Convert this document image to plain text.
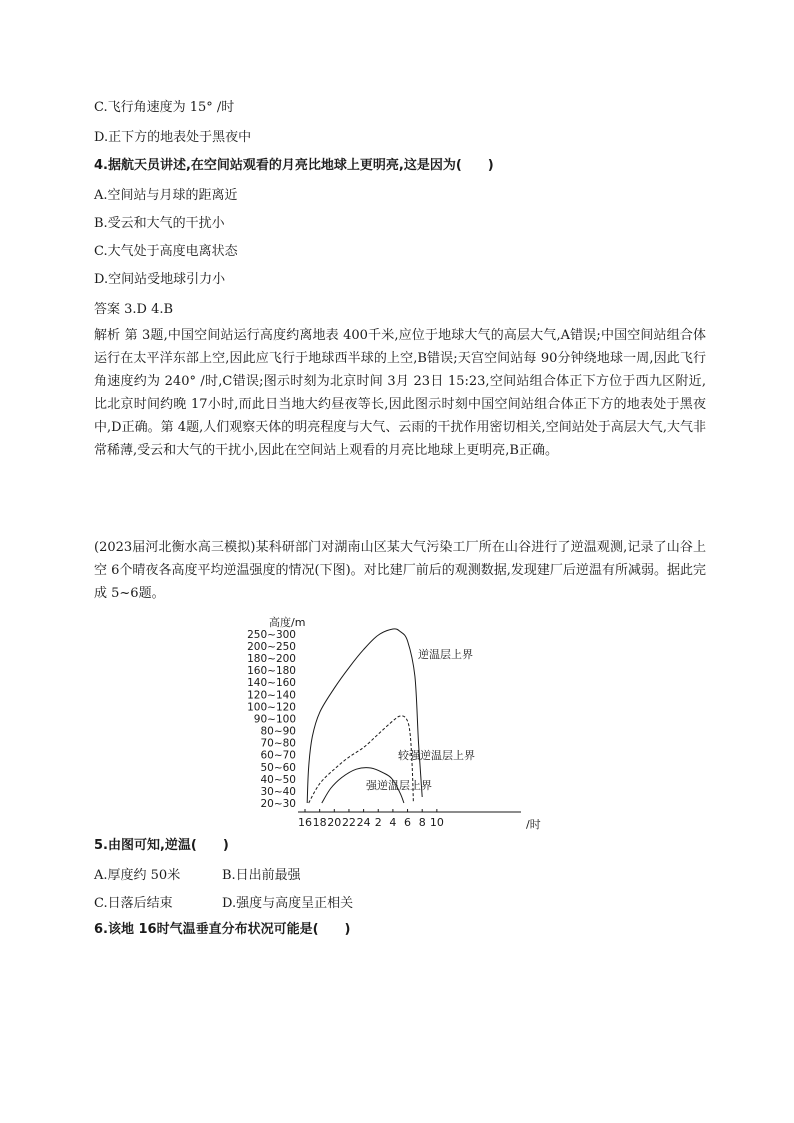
C.飞行角速度为 15° /时
D.正下方的地表处于黑夜中
4.据航天员讲述,在空间站观看的月亮比地球上更明亮,这是因为(　　)
A.空间站与月球的距离近
B.受云和大气的干扰小
C.大气处于高度电离状态
D.空间站受地球引力小
答案 3.D 4.B
解析 第 3题,中国空间站运行高度约离地表 400千米,应位于地球大气的高层大气,A错误;中国空间站组合体运行在太平洋东部上空,因此应飞行于地球西半球的上空,B错误;天宫空间站每 90分钟绕地球一周,因此飞行角速度约为 240° /时,C错误;图示时刻为北京时间 3月 23日 15:23,空间站组合体正下方位于西九区附近,比北京时间约晚 17小时,而此日当地大约昼夜等长,因此图示时刻中国空间站组合体正下方的地表处于黑夜中,D正确。第 4题,人们观察天体的明亮程度与大气、云雨的干扰作用密切相关,空间站处于高层大气,大气非常稀薄,受云和大气的干扰小,因此在空间站上观看的月亮比地球上更明亮,B正确。
(2023届河北衡水高三模拟)某科研部门对湖南山区某大气污染工厂所在山谷进行了逆温观测,记录了山谷上空 6个晴夜各高度平均逆温强度的情况(下图)。对比建厂前后的观测数据,发现建厂后逆温有所减弱。据此完成 5~6题。
20~30
30~40
40~50
50~60
60~70
70~80
80~90
90~100
100~120
120~140
140~160
160~180
180~200
200~250
250~300
16 18 20 22 24 2 4 6 8 10
逆温层上界
较强逆温层上界
强逆温层上界
高度/m
/时
5.由图可知,逆温(　　)
A.厚度约 50米	B.日出前最强
C.日落后结束	D.强度与高度呈正相关
6.该地 16时气温垂直分布状况可能是(　　)
